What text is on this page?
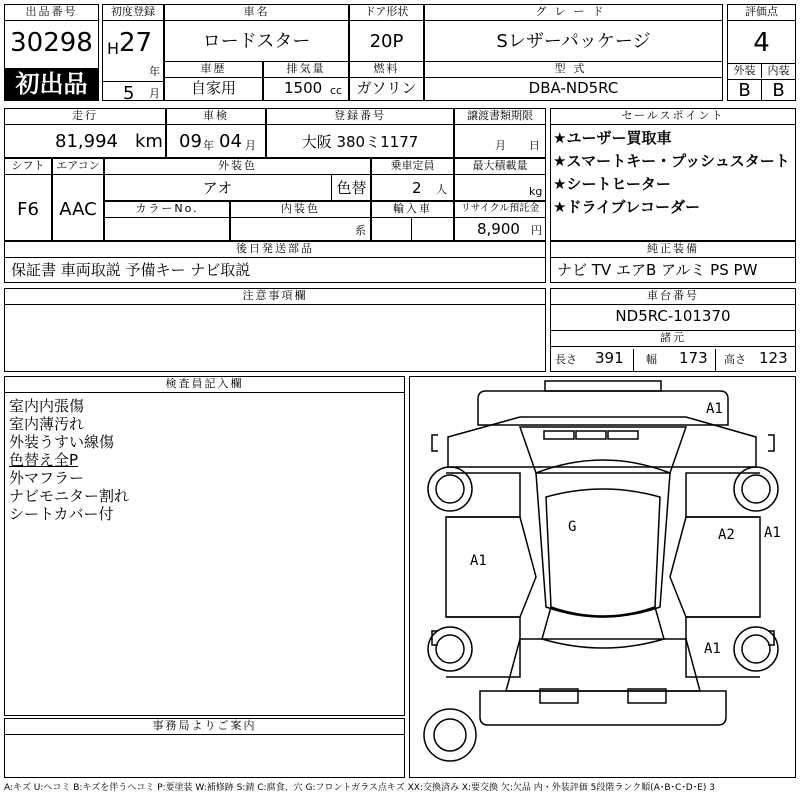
出品番号
30298
初出品
初度登録
H 27
年
5 月
車名
ロードスター
ドア形状
20P
グレード
Sレザーパッケージ
評価点
4
外装	内装
B	B
車歴
自家用
排気量
1500 cc
燃料
ガソリン
型式
DBA-ND5RC
走行
81,994 km
車検
09 年 04 月
登録番号
大阪 380ミ1177
譲渡書類期限
月 日
シフト
F6
エアコン
AAC
外装色
アオ	色替
乗車定員
2 人
最大積載量
kg
カラーNo.	内装色
系
輸入車	リサイクル預託金
8,900 円
後日発送部品
保証書 車両取説 予備キー ナビ取説
注意事項欄
セールスポイント
★ユーザー買取車
★スマートキー・プッシュスタート
★シートヒーター
★ドライブレコーダー
純正装備
ナビ TV エアB アルミ PS PW
車台番号
ND5RC-101370
諸元
長さ 391	幅 173	高さ 123
検査員記入欄
室内内張傷
室内薄汚れ
外装うすい線傷
色替え全P
外マフラー
ナビモニター割れ
シートカバー付
事務局よりご案内
A1
G
A1
A2 A1
A1
A:キズ U:ヘコミ B:キズを伴うヘコミ P:要塗装 W:補修跡 S:錆 C:腐食、穴 G:フロントガラス点キズ XX:交換済み X:要交換 欠:欠品 内・外装評価 5段階ランク順(A･B･C･D･E) 3
